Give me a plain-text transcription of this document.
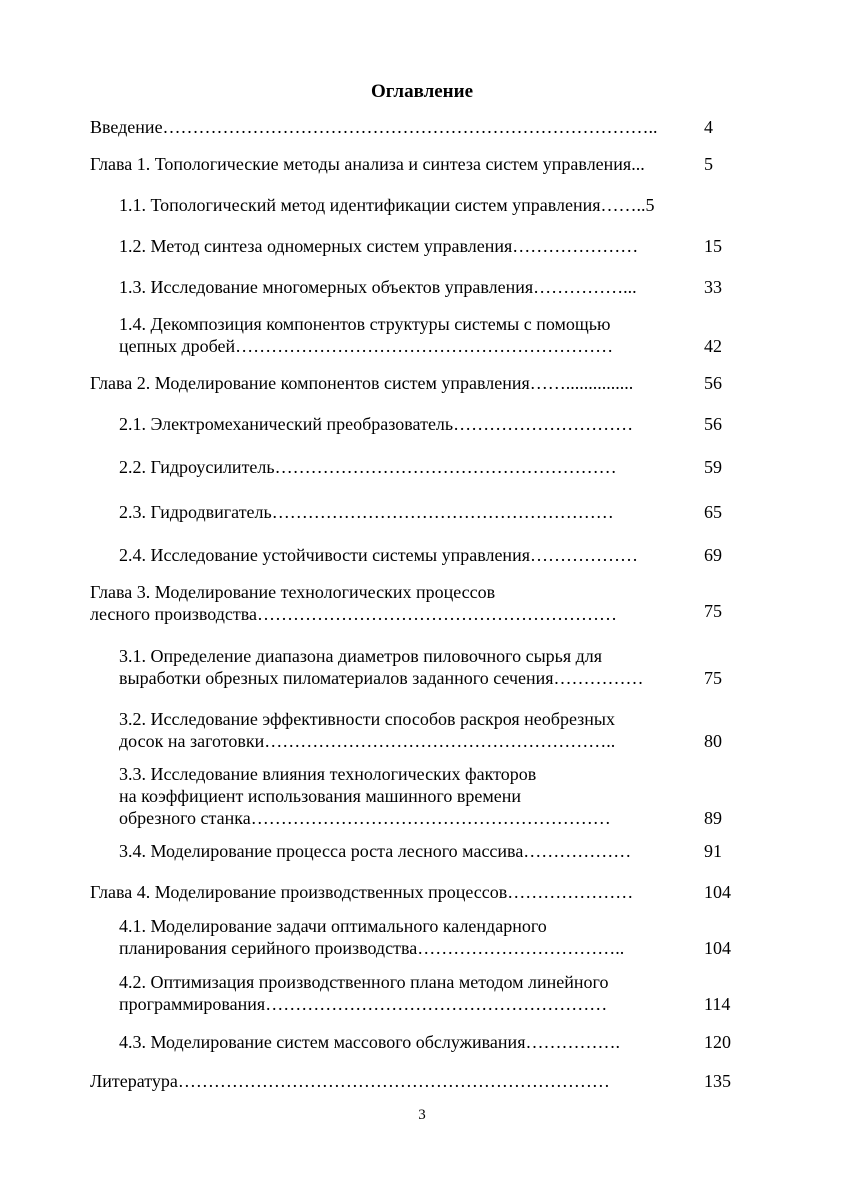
Оглавление
Введение………………………………………………………………………..	4
Глава 1. Топологические методы анализа и синтеза систем управления...	5
1.1. Топологический метод идентификации систем управления……..5
1.2. Метод синтеза одномерных систем управления…………………	15
1.3. Исследование многомерных объектов управления……………...	33
1.4. Декомпозиция компонентов структуры системы с помощью
цепных дробей………………………………………………………	42
Глава 2. Моделирование компонентов систем управления……...............	56
2.1. Электромеханический преобразователь…………………………	56
2.2. Гидроусилитель…………………………………………………	59
2.3. Гидродвигатель…………………………………………………	65
2.4. Исследование устойчивости системы управления………………	69
Глава 3. Моделирование технологических процессов
лесного производства……………………………………………………	75
3.1. Определение диапазона диаметров пиловочного сырья для
выработки обрезных пиломатериалов заданного сечения……………	75
3.2. Исследование эффективности способов раскроя необрезных
досок на заготовки…………………………………………………..	80
3.3. Исследование влияния технологических факторов
на коэффициент использования машинного времени
обрезного станка……………………………………………………	89
3.4. Моделирование процесса роста лесного массива………………	91
Глава 4. Моделирование производственных процессов…………………	104
4.1. Моделирование задачи оптимального календарного
планирования серийного производства……………………………..	104
4.2. Оптимизация производственного плана методом линейного
программирования…………………………………………………	114
4.3. Моделирование систем массового обслуживания…………….	120
Литература………………………………………………………………	135
3
